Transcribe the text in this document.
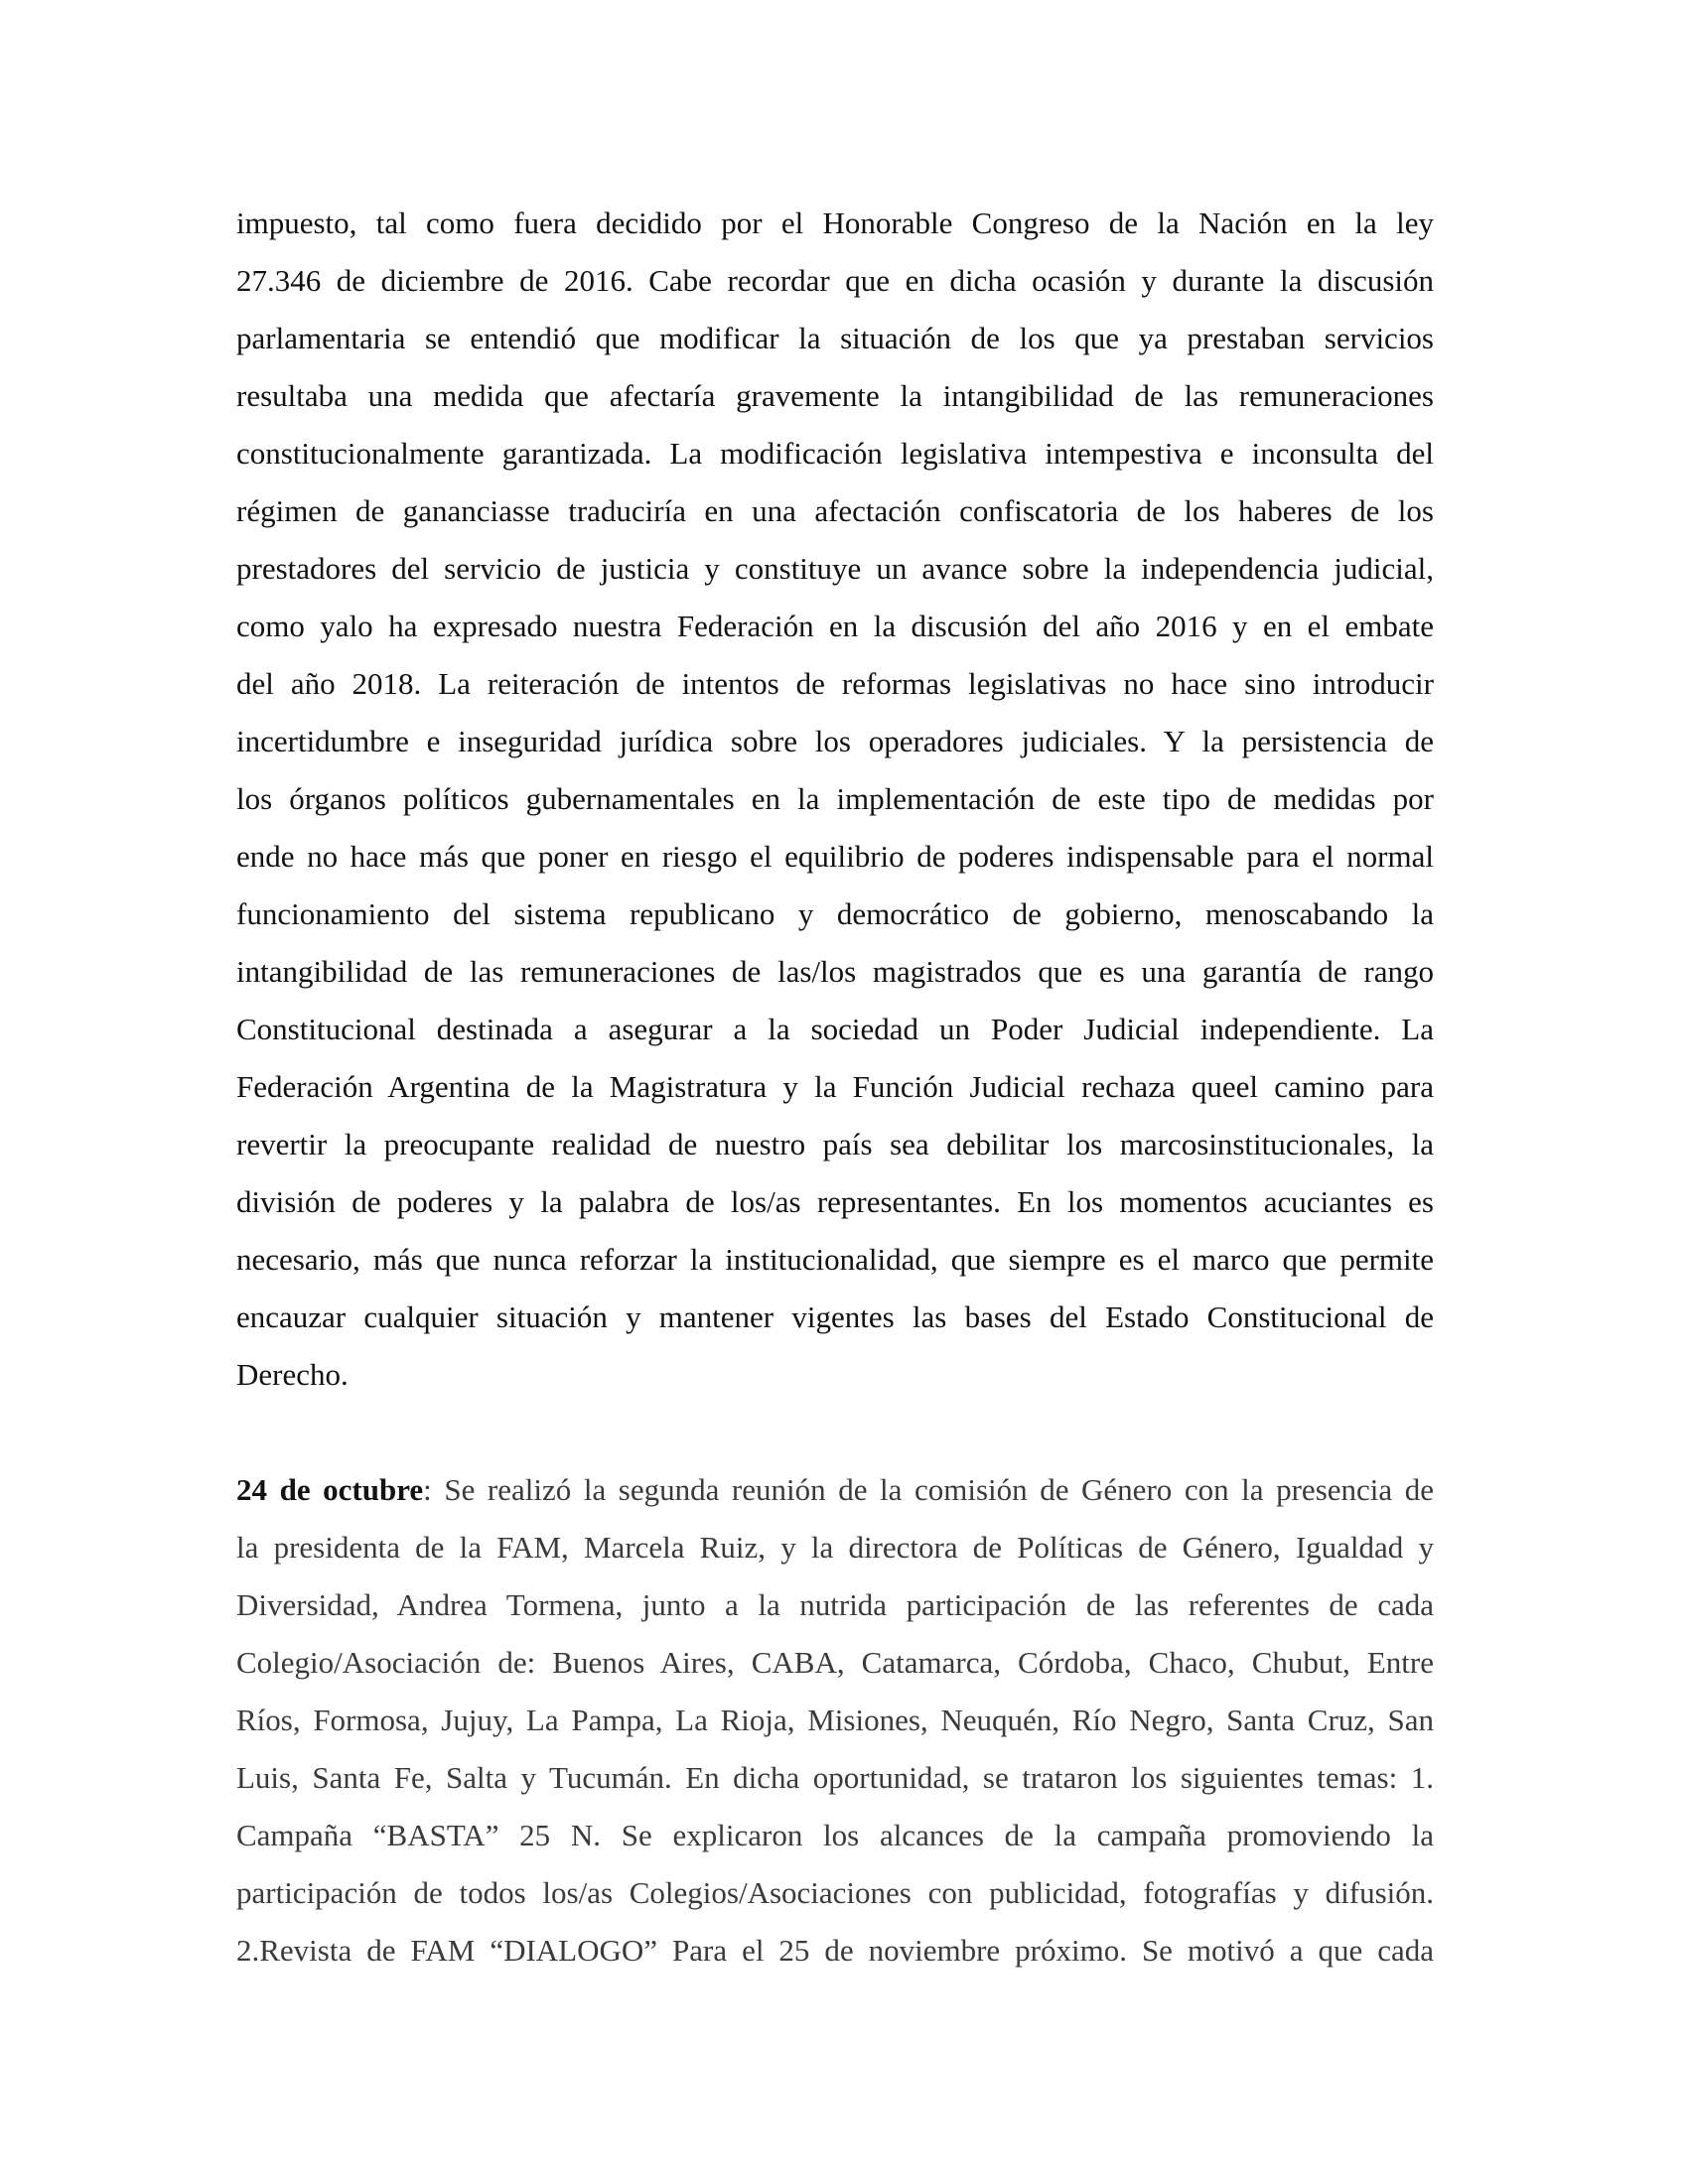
impuesto, tal como fuera decidido por el Honorable Congreso de la Nación en la ley
27.346 de diciembre de 2016. Cabe recordar que en dicha ocasión y durante la discusión
parlamentaria se entendió que modificar la situación de los que ya prestaban servicios
resultaba una medida que afectaría gravemente la intangibilidad de las remuneraciones
constitucionalmente garantizada. La modificación legislativa intempestiva e inconsulta del
régimen de gananciasse traduciría en una afectación confiscatoria de los haberes de los
prestadores del servicio de justicia y constituye un avance sobre la independencia judicial,
como yalo ha expresado nuestra Federación en la discusión del año 2016 y en el embate
del año 2018. La reiteración de intentos de reformas legislativas no hace sino introducir
incertidumbre e inseguridad jurídica sobre los operadores judiciales. Y la persistencia de
los órganos políticos gubernamentales en la implementación de este tipo de medidas por
ende no hace más que poner en riesgo el equilibrio de poderes indispensable para el normal
funcionamiento del sistema republicano y democrático de gobierno, menoscabando la
intangibilidad de las remuneraciones de las/los magistrados que es una garantía de rango
Constitucional destinada a asegurar a la sociedad un Poder Judicial independiente. La
Federación Argentina de la Magistratura y la Función Judicial rechaza queel camino para
revertir la preocupante realidad de nuestro país sea debilitar los marcosinstitucionales, la
división de poderes y la palabra de los/as representantes. En los momentos acuciantes es
necesario, más que nunca reforzar la institucionalidad, que siempre es el marco que permite
encauzar cualquier situación y mantener vigentes las bases del Estado Constitucional de
Derecho.
24 de octubre: Se realizó la segunda reunión de la comisión de Género con la presencia de
la presidenta de la FAM, Marcela Ruiz, y la directora de Políticas de Género, Igualdad y
Diversidad, Andrea Tormena, junto a la nutrida participación de las referentes de cada
Colegio/Asociación de: Buenos Aires, CABA, Catamarca, Córdoba, Chaco, Chubut, Entre
Ríos, Formosa, Jujuy, La Pampa, La Rioja, Misiones, Neuquén, Río Negro, Santa Cruz, San
Luis, Santa Fe, Salta y Tucumán. En dicha oportunidad, se trataron los siguientes temas: 1.
Campaña “BASTA” 25 N. Se explicaron los alcances de la campaña promoviendo la
participación de todos los/as Colegios/Asociaciones con publicidad, fotografías y difusión.
2.Revista de FAM “DIALOGO” Para el 25 de noviembre próximo. Se motivó a que cada
